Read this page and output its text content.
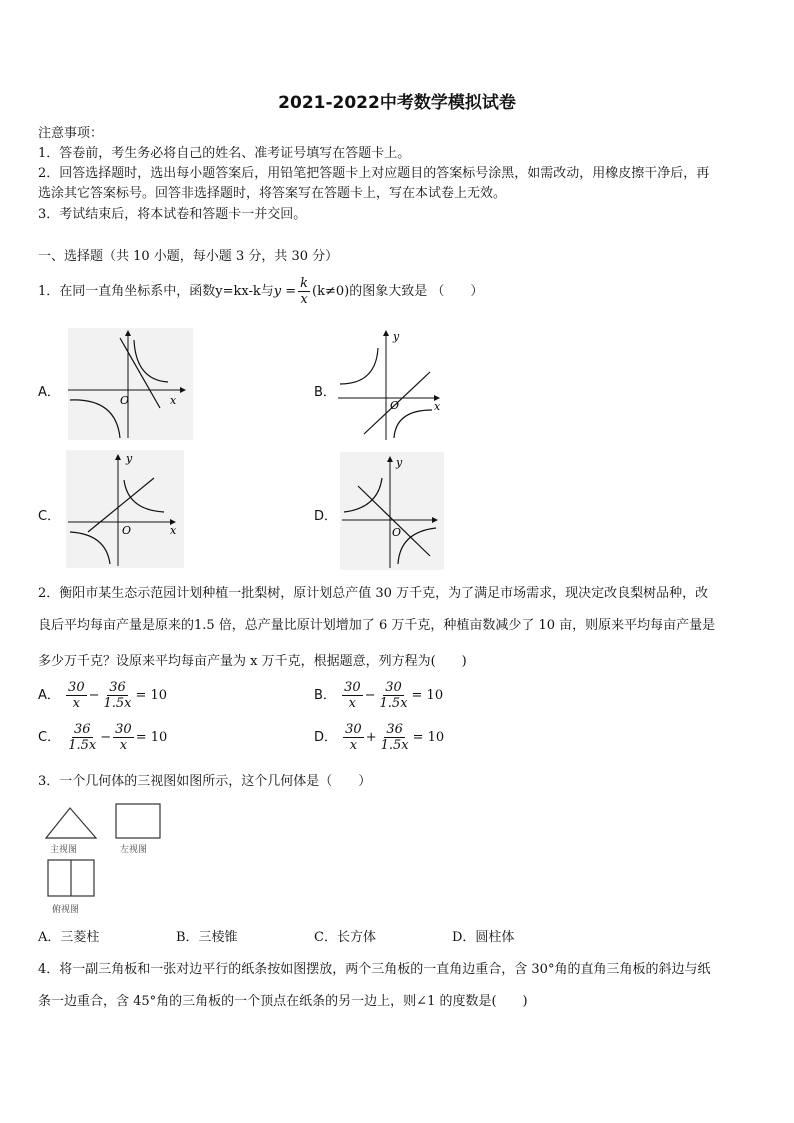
2021-2022中考数学模拟试卷
注意事项：
1．答卷前，考生务必将自己的姓名、准考证号填写在答题卡上。
2．回答选择题时，选出每小题答案后，用铅笔把答题卡上对应题目的答案标号涂黑，如需改动，用橡皮擦干净后，再
选涂其它答案标号。回答非选择题时，将答案写在答题卡上，写在本试卷上无效。
3．考试结束后，将本试卷和答题卡一并交回。
一、选择题（共 10 小题，每小题 3 分，共 30 分）
1．在同一直角坐标系中，函数y=kx-k与$y = \frac{k}{x} (k\ne 0)$的图象大致是 （　　）
A．	B．
C．	D．
O	x	O	x
y
O	x
y
O
y
2．衡阳市某生态示范园计划种植一批梨树，原计划总产值 30 万千克，为了满足市场需求，现决定改良梨树品种，改
良后平均每亩产量是原来的1.5 倍，总产量比原计划增加了 6 万千克，种植亩数减少了 10 亩，则原来平均每亩产量是
多少万千克？设原来平均每亩产量为 x 万千克，根据题意，列方程为(　　)
A． $\frac{30}{x} - \frac{36}{1.5x} = 10$	B． $\frac{30}{x} - \frac{30}{1.5x} = 10$
C． $\frac{36}{1.5x} - \frac{30}{x} = 10$	D． $\frac{30}{x} + \frac{36}{1.5x} = 10$
3．一个几何体的三视图如图所示，这个几何体是（　　）
主视图	左视图
俯视图
A．三菱柱	B．三棱锥	C．长方体	D．圆柱体
4．将一副三角板和一张对边平行的纸条按如图摆放，两个三角板的一直角边重合，含 30°角的直角三角板的斜边与纸
条一边重合，含 45°角的三角板的一个顶点在纸条的另一边上，则∠1 的度数是(　　)
